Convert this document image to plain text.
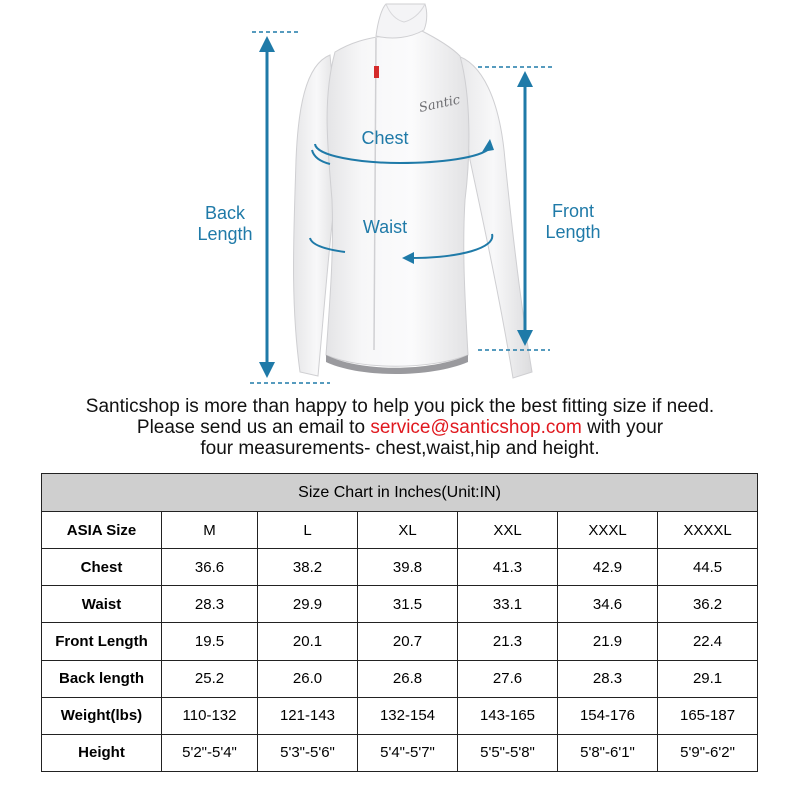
Santic
Chest
Waist
Back
Length
Front
Length
Santicshop is more than happy to help you pick the best fitting size if need.
Please send us an email to service@santicshop.com with your
four measurements- chest,waist,hip and height.
Size Chart in Inches(Unit:IN)						
ASIA Size	M	L	XL	XXL	XXXL	XXXXL
Chest	36.6	38.2	39.8	41.3	42.9	44.5
Waist	28.3	29.9	31.5	33.1	34.6	36.2
Front Length	19.5	20.1	20.7	21.3	21.9	22.4
Back length	25.2	26.0	26.8	27.6	28.3	29.1
Weight(lbs)	110-132	121-143	132-154	143-165	154-176	165-187
Height	5'2"-5'4"	5'3"-5'6"	5'4"-5'7"	5'5"-5'8"	5'8"-6'1"	5'9"-6'2"
